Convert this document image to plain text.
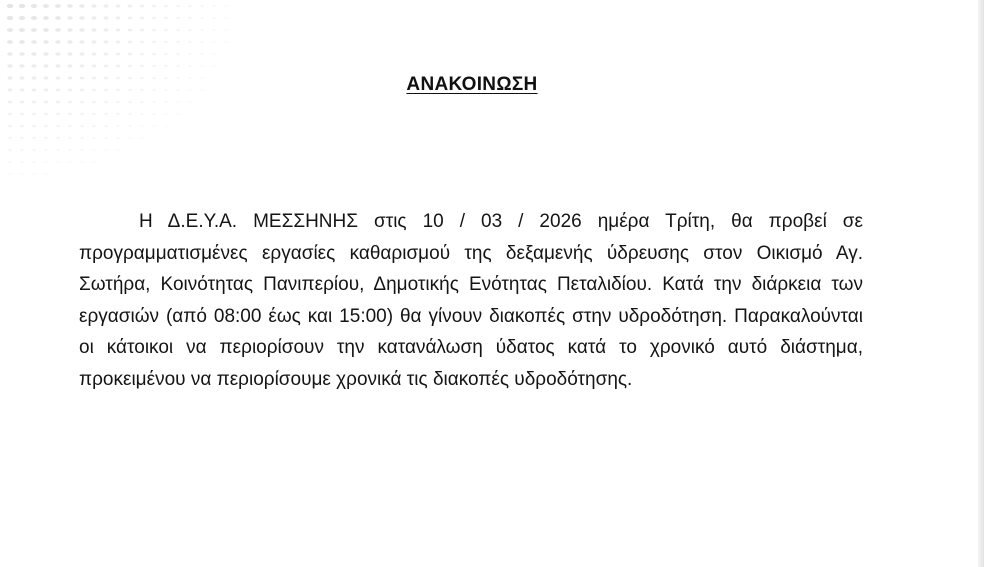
ΑΝΑΚΟΙΝΩΣΗ

Η Δ.Ε.Υ.Α. ΜΕΣΣΗΝΗΣ στις 10 / 03 / 2026 ημέρα Τρίτη, θα προβεί σε προγραμματισμένες εργασίες καθαρισμού της δεξαμενής ύδρευσης στον Οικισμό Αγ. Σωτήρα, Κοινότητας Πανιπερίου, Δημοτικής Ενότητας Πεταλιδίου. Κατά την διάρκεια των εργασιών (από 08:00 έως και 15:00) θα γίνουν διακοπές στην υδροδότηση. Παρακαλούνται οι κάτοικοι να περιορίσουν την κατανάλωση ύδατος κατά το χρονικό αυτό διάστημα, προκειμένου να περιορίσουμε χρονικά τις διακοπές υδροδότησης.
